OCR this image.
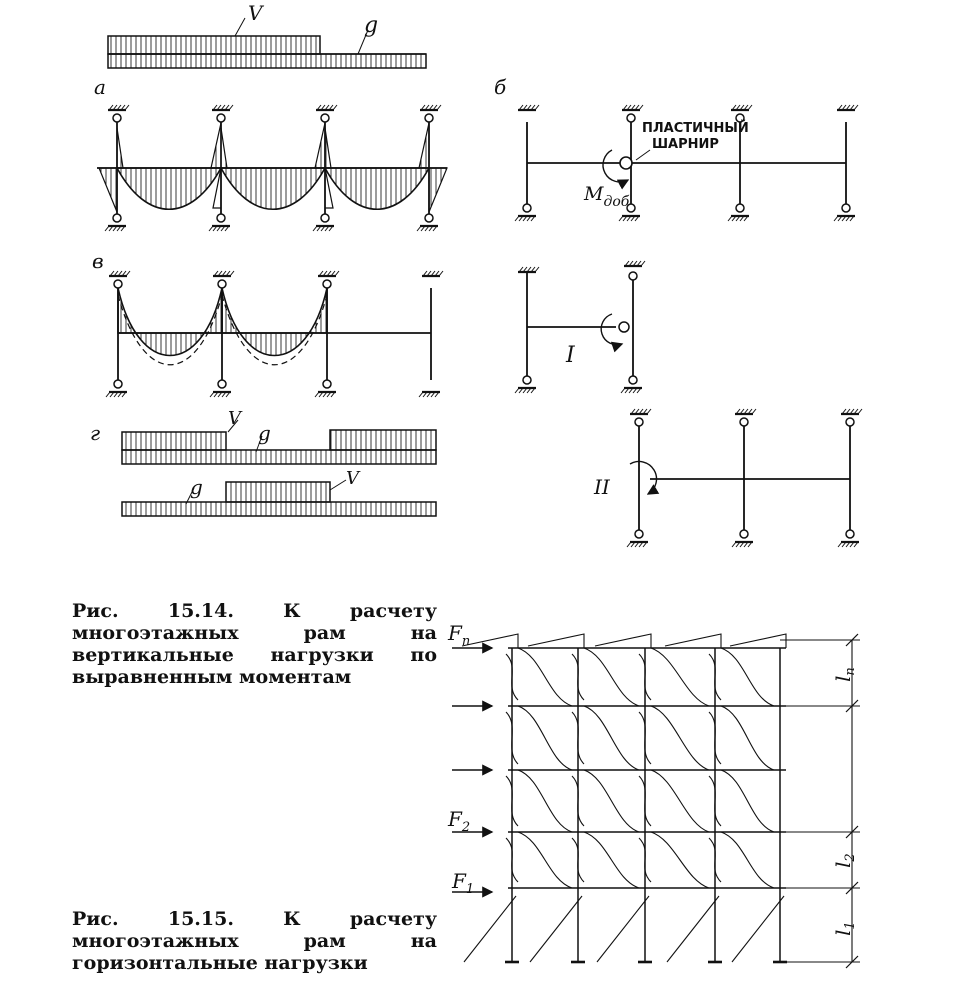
V	g
а	б
ПЛАСТИЧНЫЙ
ШАРНИР
$M_{доб}$
в
I
г
V
g
g	V	II
$F_n$
$F_2$
$F_1$
$l_n$
$l_2$
$l_1$
Рис. 15.14.	К расчету многоэтажных рам на вертикальные нагрузки по выравненным моментам
Рис. 15.15.	К расчету многоэтажных рам на горизонтальные нагрузки
